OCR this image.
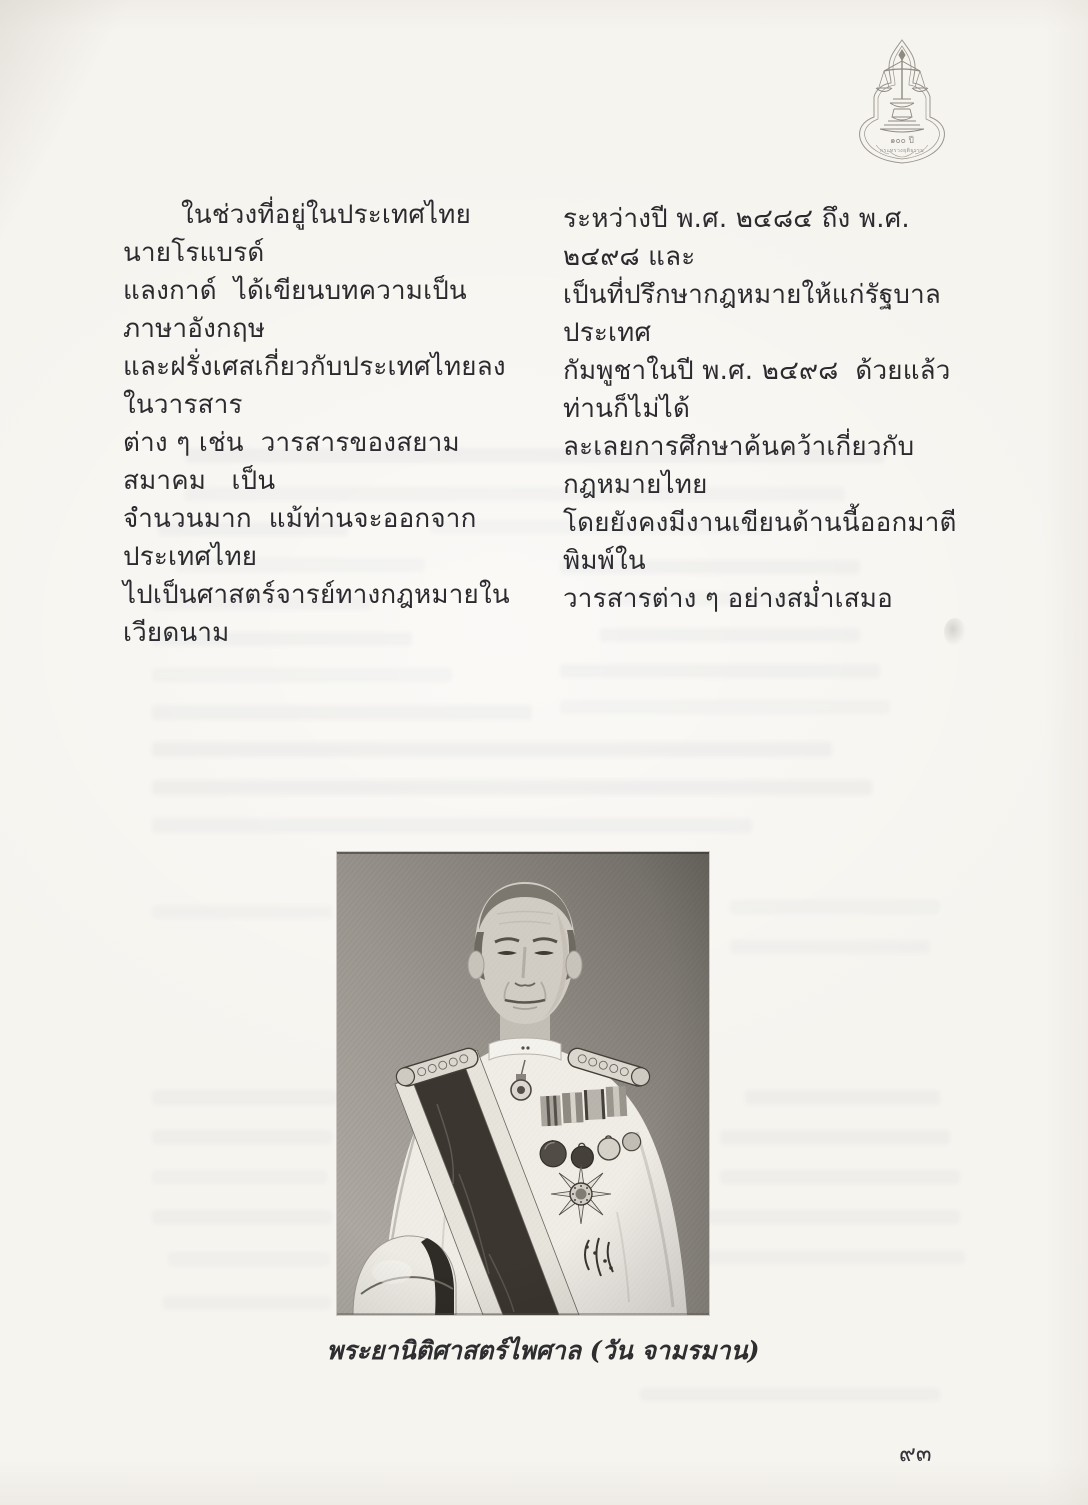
๑๐๐ ปี
กระทรวงยุติธรรม
ในช่วงที่อยู่ในประเทศไทย   นายโรแบรด์
แลงกาด์  ได้เขียนบทความเป็นภาษาอังกฤษ
และฝรั่งเศสเกี่ยวกับประเทศไทยลงในวารสาร
ต่าง ๆ เช่น  วารสารของสยามสมาคม   เป็น
จำนวนมาก  แม้ท่านจะออกจากประเทศไทย
ไปเป็นศาสตร์จารย์ทางกฎหมายในเวียดนาม
ระหว่างปี พ.ศ. ๒๔๘๔ ถึง พ.ศ. ๒๔๙๘ และ
เป็นที่ปรึกษากฎหมายให้แก่รัฐบาลประเทศ
กัมพูชาในปี พ.ศ. ๒๔๙๘  ด้วยแล้ว  ท่านก็ไม่ได้
ละเลยการศึกษาค้นคว้าเกี่ยวกับกฎหมายไทย
โดยยังคงมีงานเขียนด้านนี้ออกมาตีพิมพ์ใน
วารสารต่าง ๆ อย่างสม่ำเสมอ
พระยานิติศาสตร์ไพศาล (วัน จามรมาน)
๙๓
